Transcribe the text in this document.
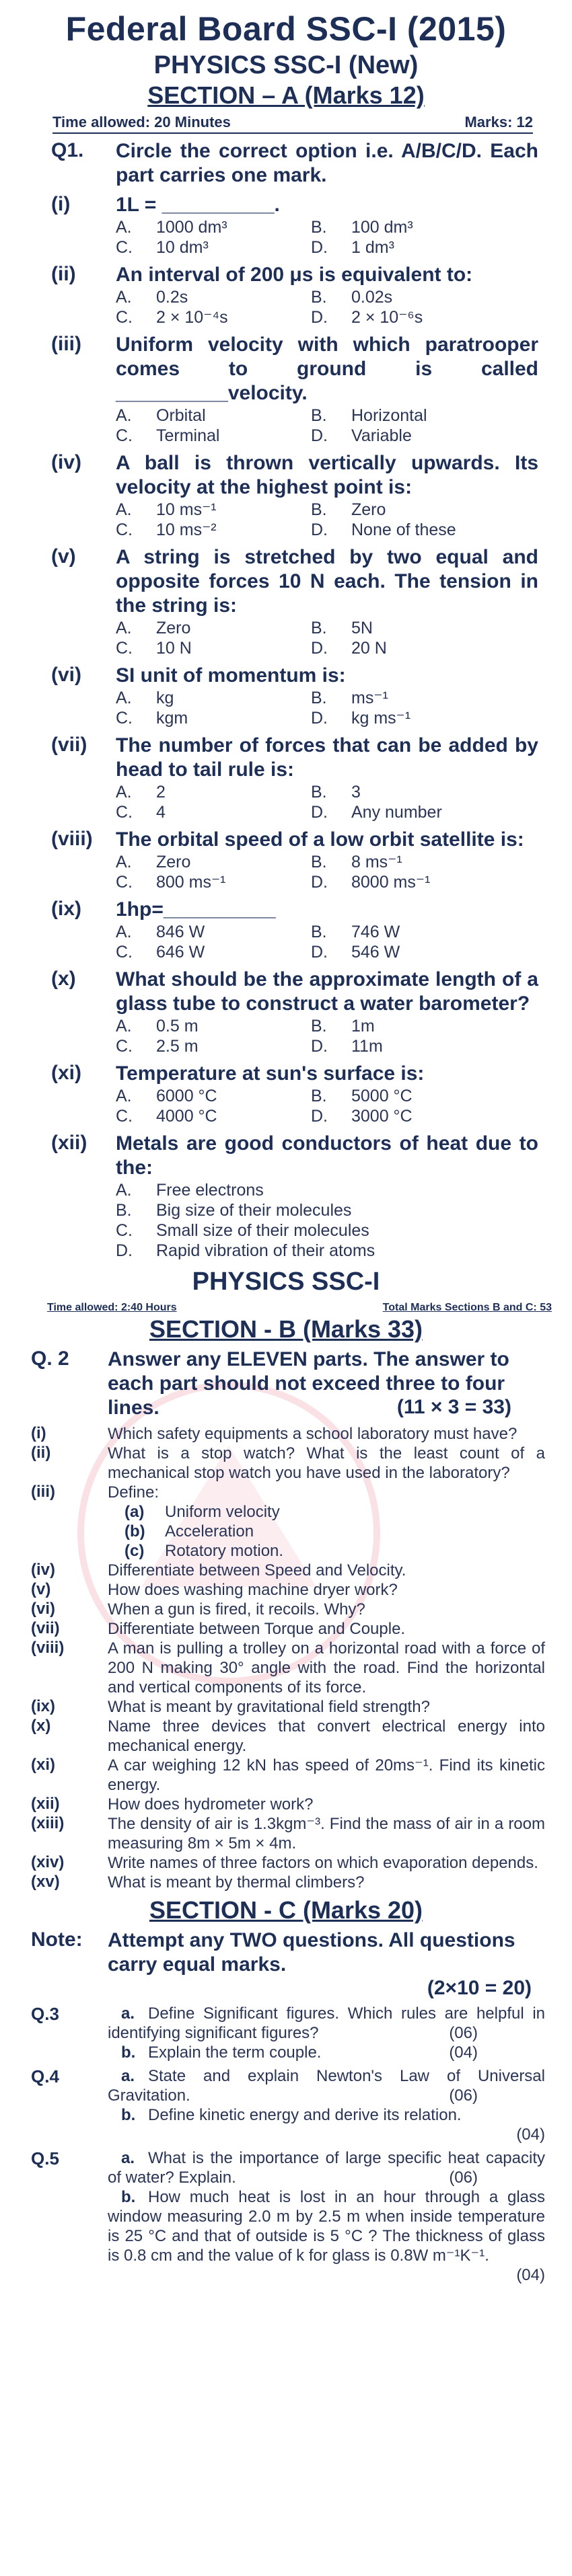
Federal Board SSC-I (2015)
PHYSICS SSC-I (New)
SECTION – A (Marks 12)
Time allowed: 20 Minutes	Marks: 12
Q1. Circle the correct option i.e. A/B/C/D. Each part carries one mark.
(i) 1L = __________.
A.	1000 dm³	B.	100 dm³
C.	10 dm³	D.	1 dm³
(ii) An interval of 200 μs is equivalent to:
A.	0.2s	B.	0.02s
C.	2 × 10⁻⁴s	D.	2 × 10⁻⁶s
(iii) Uniform velocity with which paratrooper comes to ground is called __________velocity.
A.	Orbital	B.	Horizontal
C.	Terminal	D.	Variable
(iv) A ball is thrown vertically upwards. Its velocity at the highest point is:
A.	10 ms⁻¹	B.	Zero
C.	10 ms⁻²	D.	None of these
(v) A string is stretched by two equal and opposite forces 10 N each. The tension in the string is:
A.	Zero	B.	5N
C.	10 N	D.	20 N
(vi) SI unit of momentum is:
A.	kg	B.	ms⁻¹
C.	kgm	D.	kg ms⁻¹
(vii) The number of forces that can be added by head to tail rule is:
A.	2	B.	3
C.	4	D.	Any number
(viii) The orbital speed of a low orbit satellite is:
A.	Zero	B.	8 ms⁻¹
C.	800 ms⁻¹	D.	8000 ms⁻¹
(ix) 1hp=__________
A.	846 W	B.	746 W
C.	646 W	D.	546 W
(x) What should be the approximate length of a glass tube to construct a water barometer?
A.	0.5 m	B.	1m
C.	2.5 m	D.	11m
(xi) Temperature at sun's surface is:
A.	6000 °C	B.	5000 °C
C.	4000 °C	D.	3000 °C
(xii) Metals are good conductors of heat due to the:
A.	Free electrons
B.	Big size of their molecules
C.	Small size of their molecules
D.	Rapid vibration of their atoms
PHYSICS SSC-I
Time allowed: 2:40 Hours	Total Marks Sections B and C: 53
SECTION - B (Marks 33)
Q. 2 Answer any ELEVEN parts. The answer to each part should not exceed three to four lines.	(11 × 3 = 33)
(i)	Which safety equipments a school laboratory must have?
(ii)	What is a stop watch? What is the least count of a mechanical stop watch you have used in the laboratory?
(iii)	Define:
(a)	Uniform velocity
(b)	Acceleration
(c)	Rotatory motion.
(iv)	Differentiate between Speed and Velocity.
(v)	How does washing machine dryer work?
(vi)	When a gun is fired, it recoils. Why?
(vii)	Differentiate between Torque and Couple.
(viii)	A man is pulling a trolley on a horizontal road with a force of 200 N making 30° angle with the road. Find the horizontal and vertical components of its force.
(ix)	What is meant by gravitational field strength?
(x)	Name three devices that convert electrical energy into mechanical energy.
(xi)	A car weighing 12 kN has speed of 20ms⁻¹. Find its kinetic energy.
(xii)	How does hydrometer work?
(xiii)	The density of air is 1.3kgm⁻³. Find the mass of air in a room measuring 8m × 5m × 4m.
(xiv)	Write names of three factors on which evaporation depends.
(xv)	What is meant by thermal climbers?
SECTION - C (Marks 20)
Note: Attempt any TWO questions. All questions carry equal marks.
(2×10 = 20)
Q.3	a. Define Significant figures. Which rules are helpful in identifying significant figures?	(06)
b. Explain the term couple.	(04)
Q.4	a. State and explain Newton's Law of Universal Gravitation.	(06)
b. Define kinetic energy and derive its relation.
(04)
Q.5	a. What is the importance of large specific heat capacity of water? Explain.	(06)
b. How much heat is lost in an hour through a glass window measuring 2.0 m by 2.5 m when inside temperature is 25 °C and that of outside is 5 °C ? The thickness of glass is 0.8 cm and the value of k for glass is 0.8W m⁻¹K⁻¹.
(04)
